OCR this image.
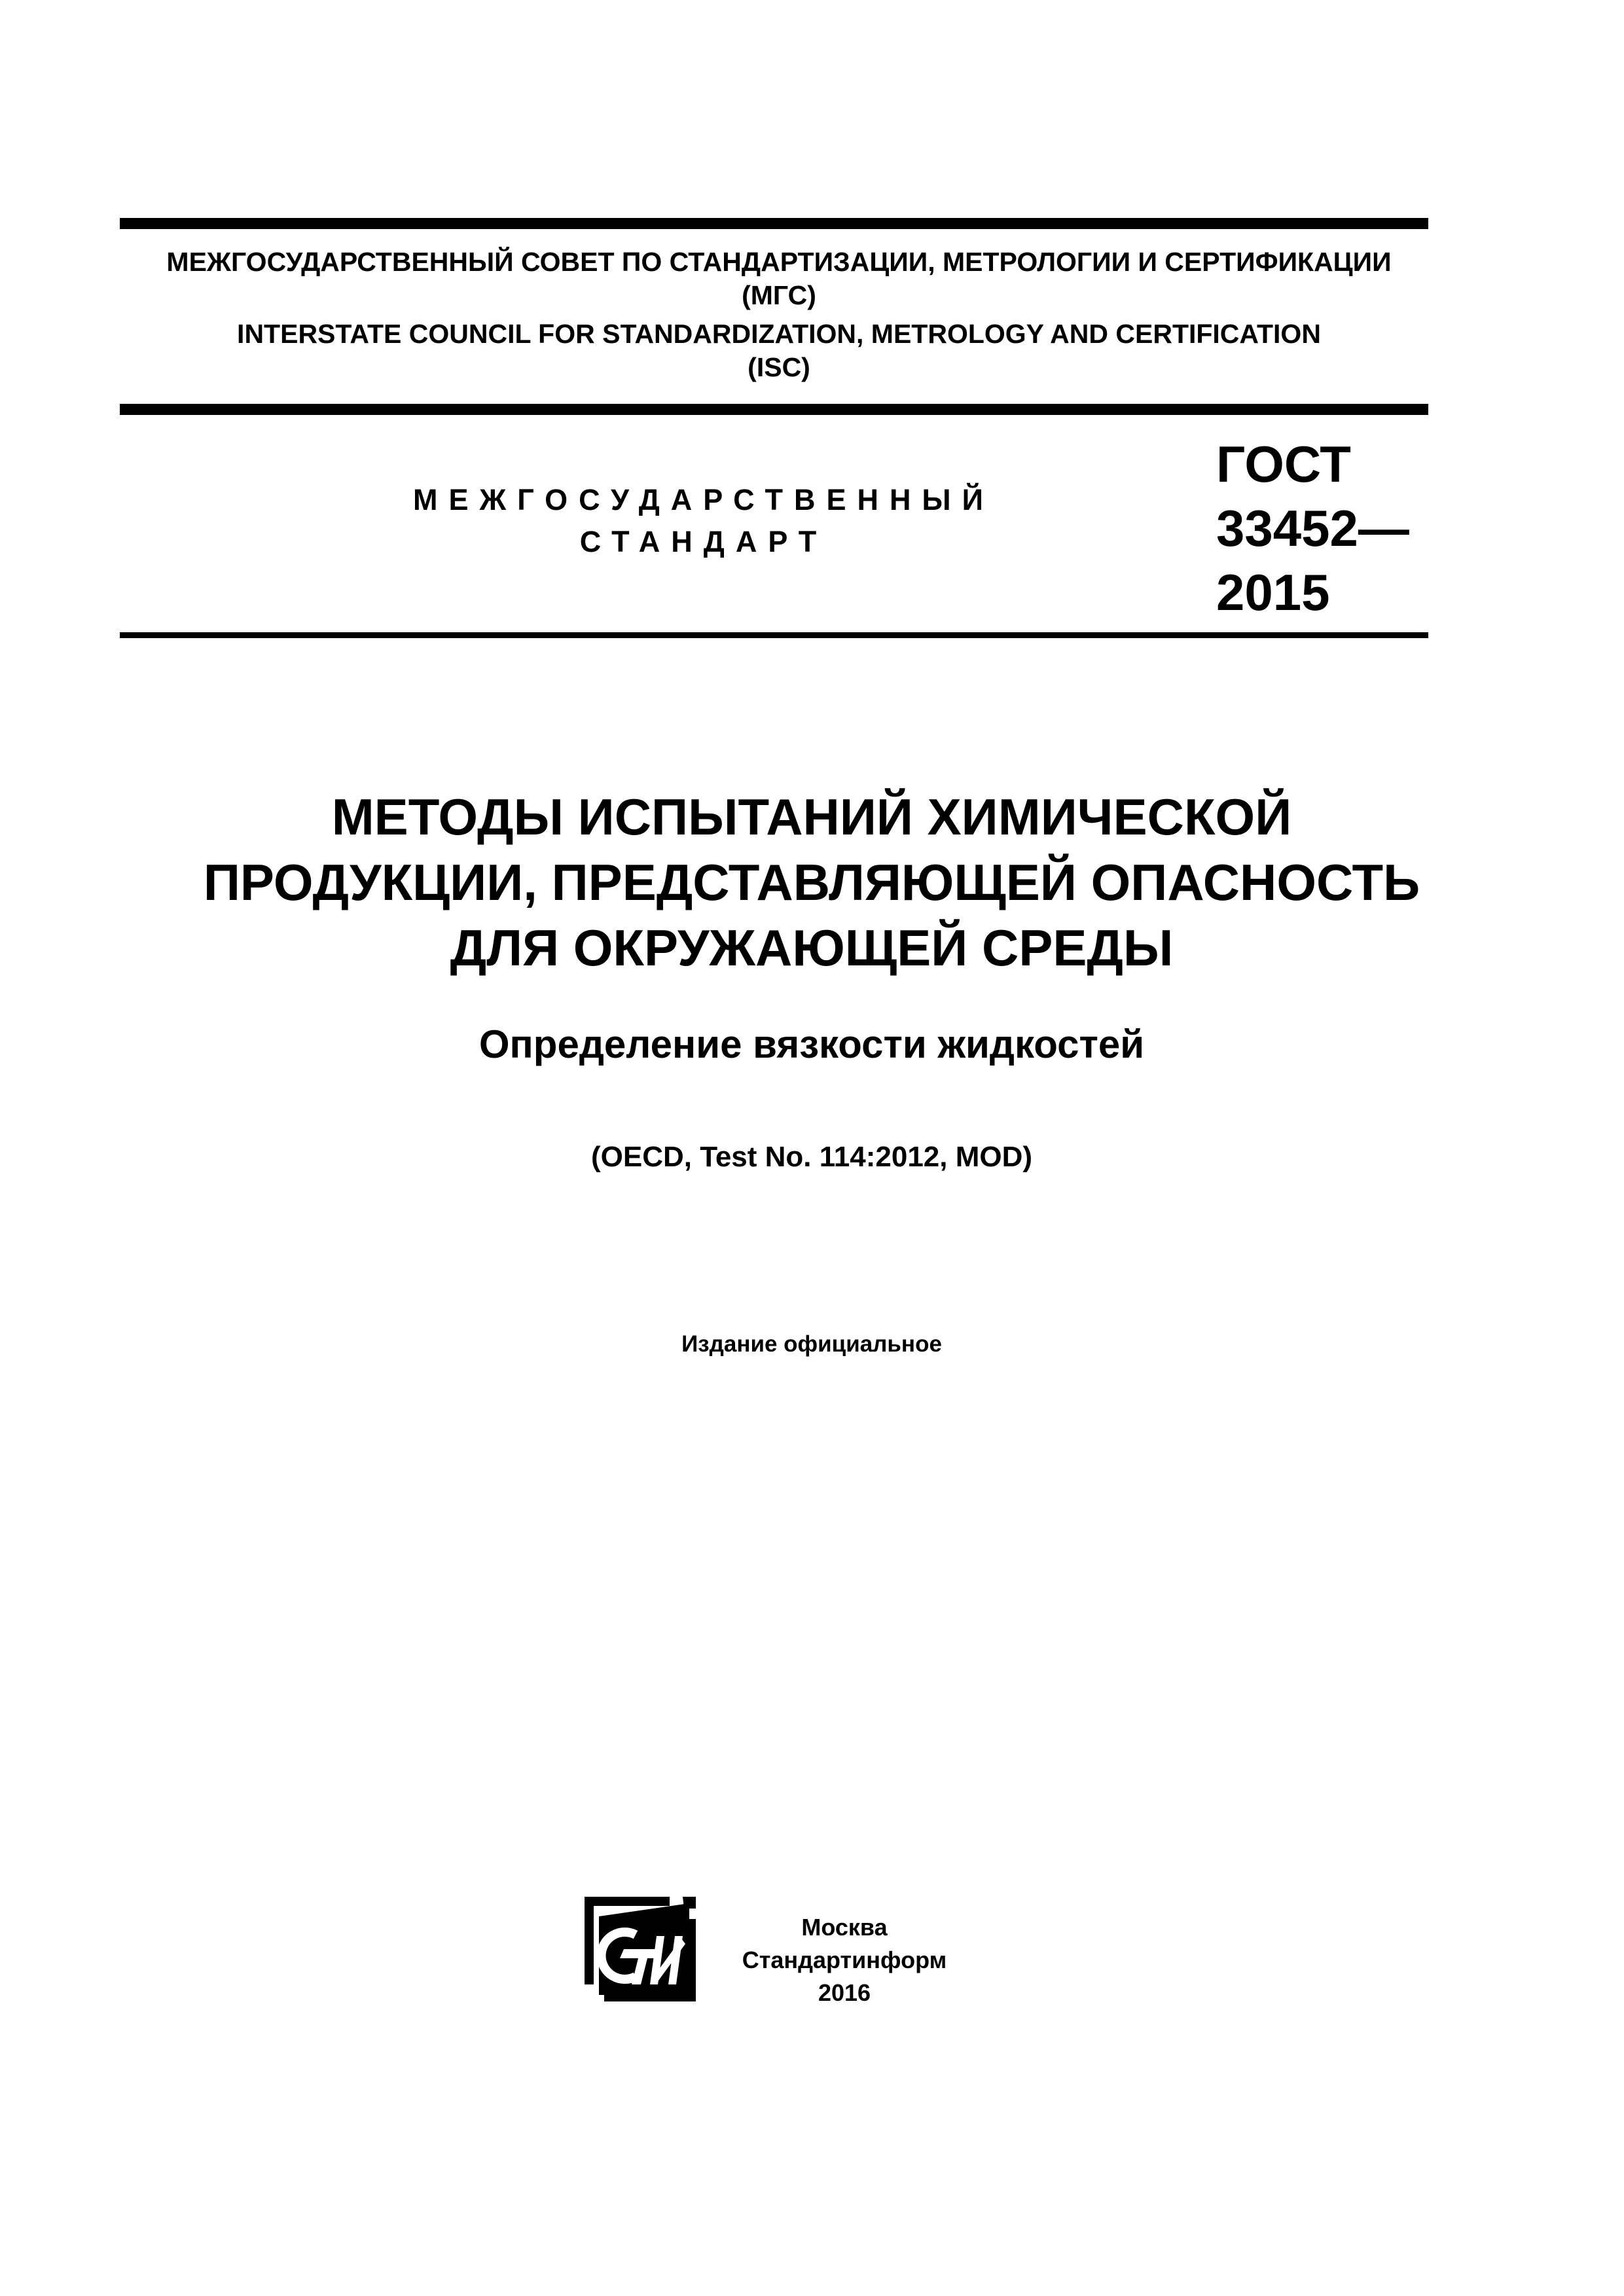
МЕЖГОСУДАРСТВЕННЫЙ СОВЕТ ПО СТАНДАРТИЗАЦИИ, МЕТРОЛОГИИ И СЕРТИФИКАЦИИ
(МГС)
INTERSTATE COUNCIL FOR STANDARDIZATION, METROLOGY AND CERTIFICATION
(ISC)
МЕЖГОСУДАРСТВЕННЫЙ
СТАНДАРТ
ГОСТ
33452—
2015
МЕТОДЫ ИСПЫТАНИЙ ХИМИЧЕСКОЙ
ПРОДУКЦИИ, ПРЕДСТАВЛЯЮЩЕЙ ОПАСНОСТЬ
ДЛЯ ОКРУЖАЮЩЕЙ СРЕДЫ
Определение вязкости жидкостей
(OECD, Test No. 114:2012, MOD)
Издание официальное
Москва
Стандартинформ
2016
